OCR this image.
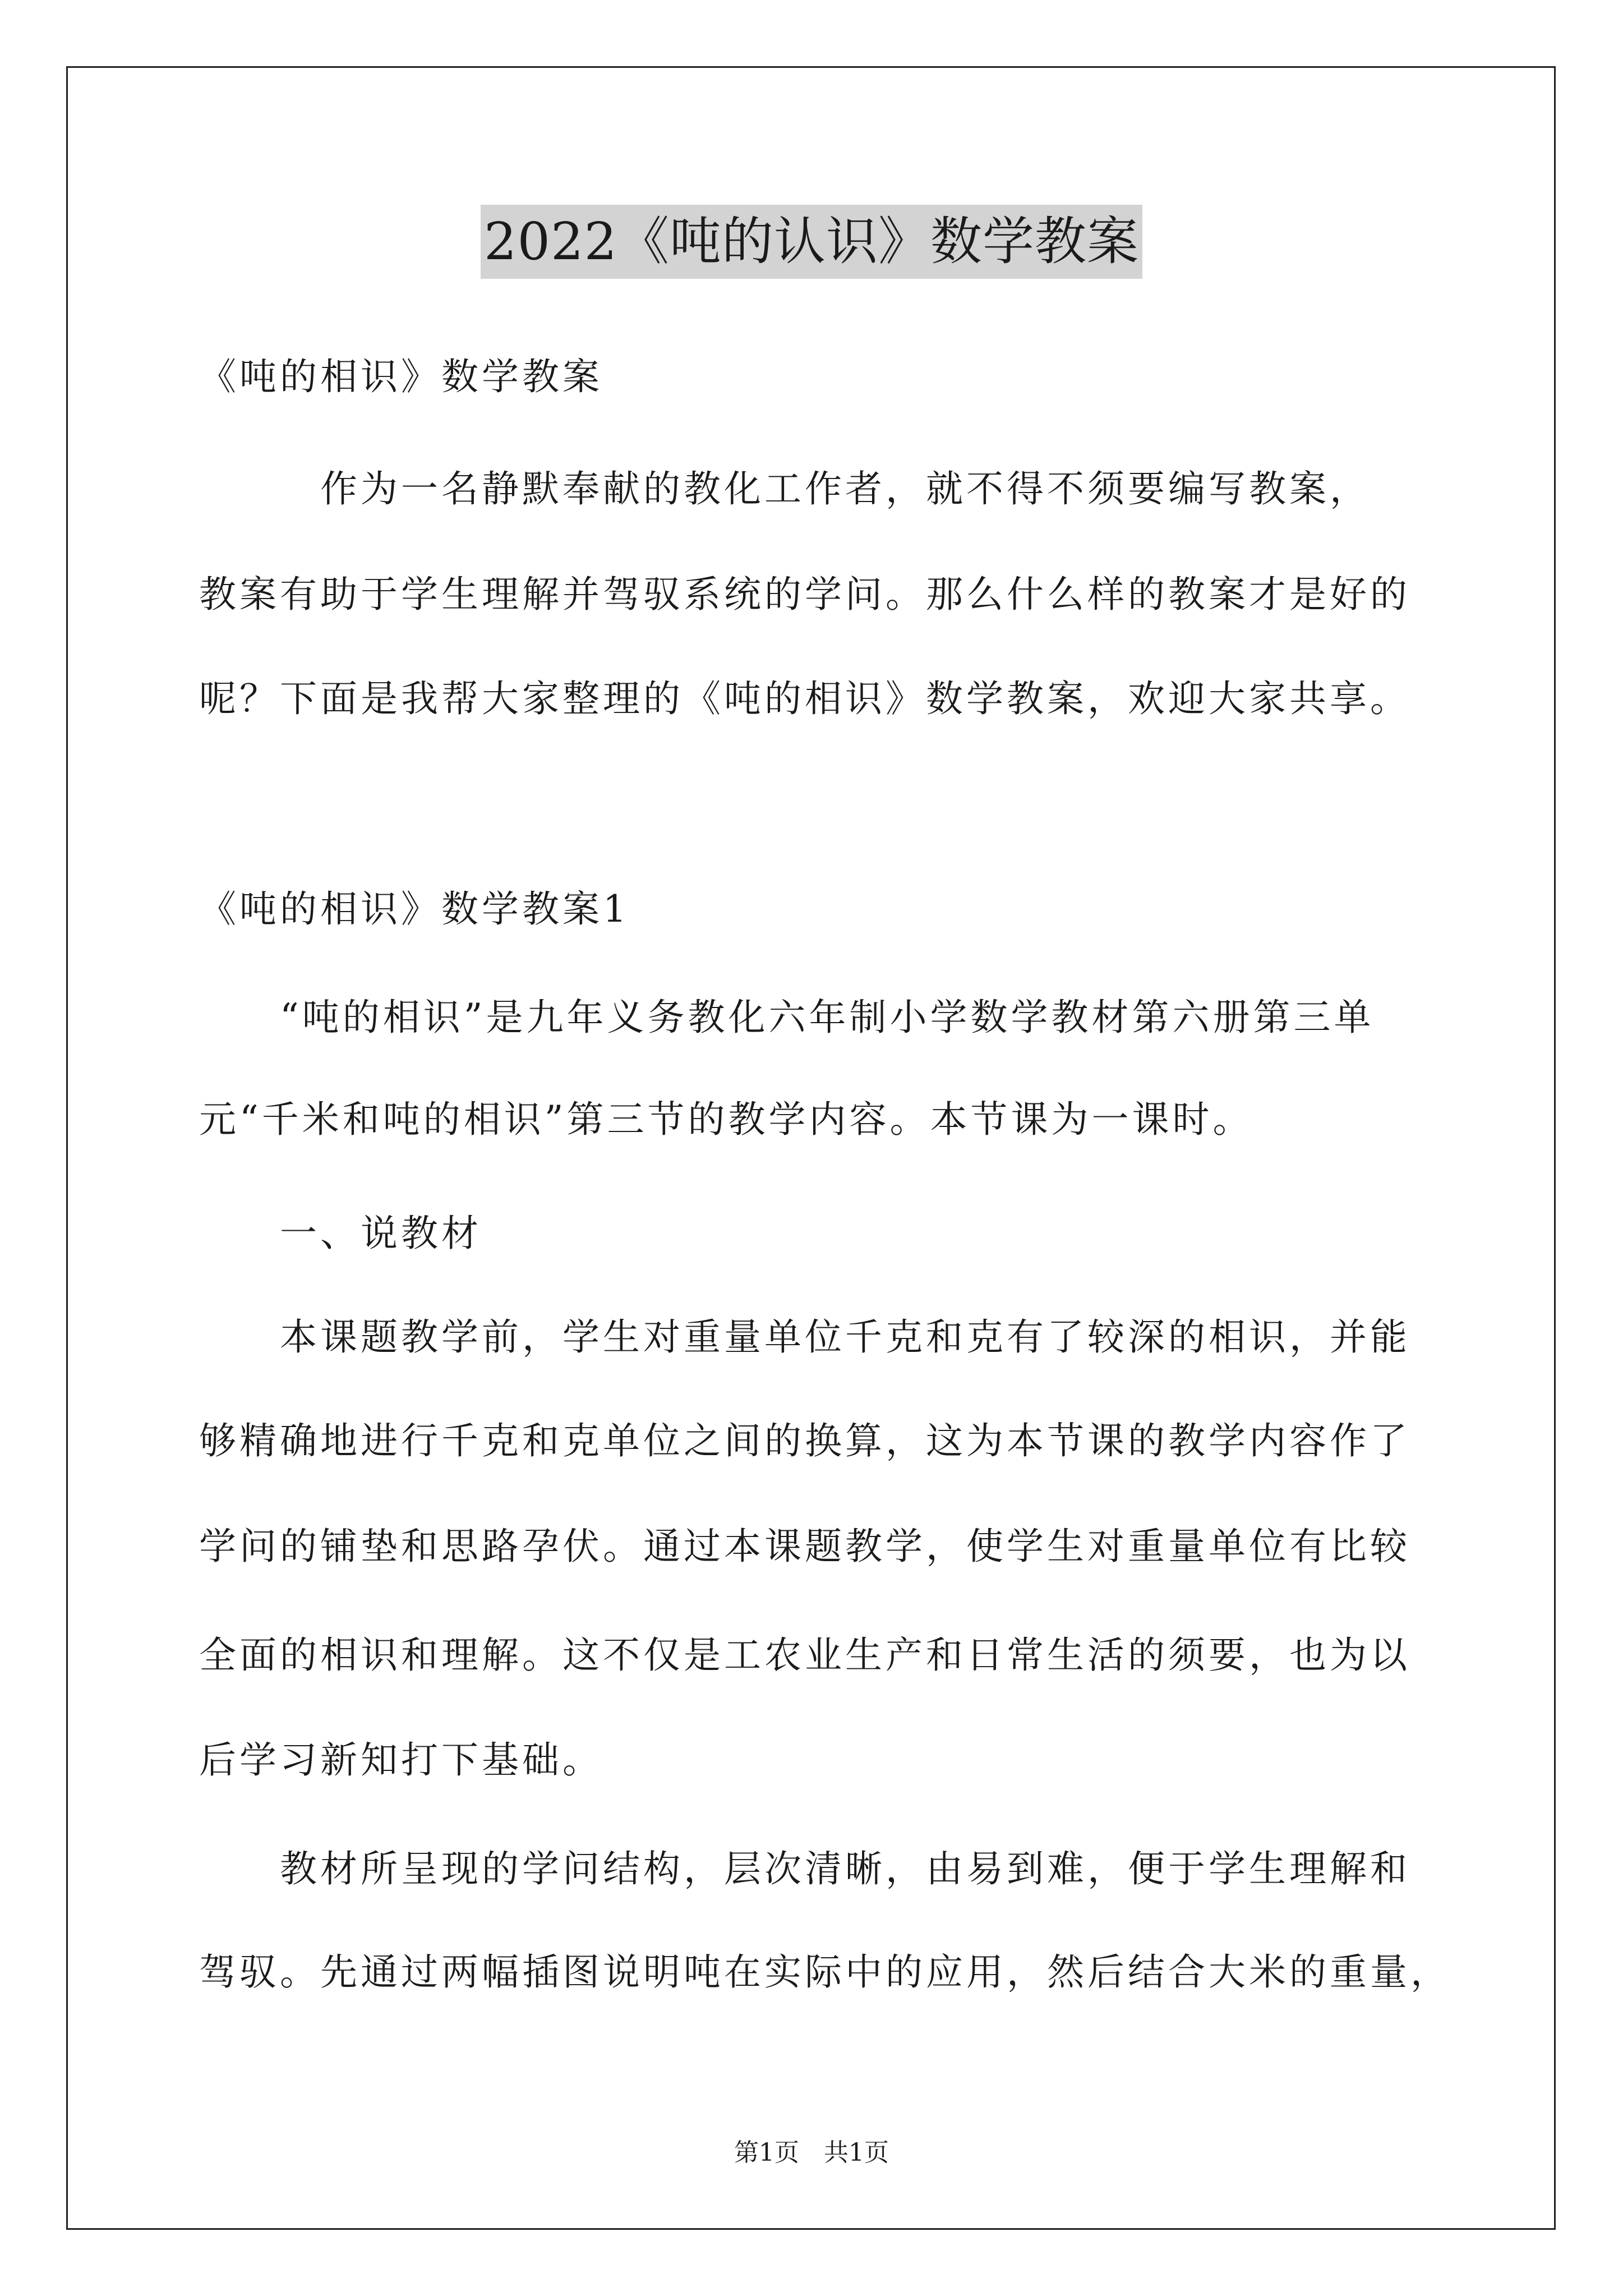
2022《吨的认识》数学教案
《吨的相识》数学教案
　　　作为一名静默奉献的教化工作者，就不得不须要编写教案，
教案有助于学生理解并驾驭系统的学问。那么什么样的教案才是好的
呢？下面是我帮大家整理的《吨的相识》数学教案，欢迎大家共享。
《吨的相识》数学教案1
　　“吨的相识”是九年义务教化六年制小学数学教材第六册第三单
元“千米和吨的相识”第三节的教学内容。本节课为一课时。
　　一、说教材
　　本课题教学前，学生对重量单位千克和克有了较深的相识，并能
够精确地进行千克和克单位之间的换算，这为本节课的教学内容作了
学问的铺垫和思路孕伏。通过本课题教学，使学生对重量单位有比较
全面的相识和理解。这不仅是工农业生产和日常生活的须要，也为以
后学习新知打下基础。
　　教材所呈现的学问结构，层次清晰，由易到难，便于学生理解和
驾驭。先通过两幅插图说明吨在实际中的应用，然后结合大米的重量，
第1页　共1页
